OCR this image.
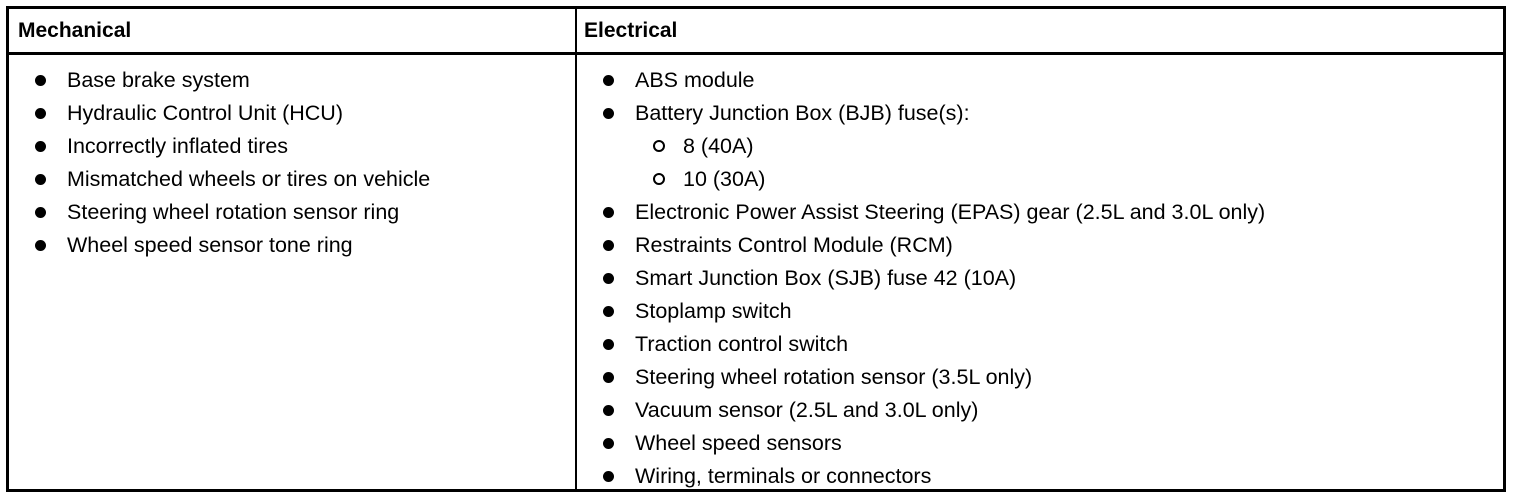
Mechanical	Electrical
Base brake system
Hydraulic Control Unit (HCU)
Incorrectly inflated tires
Mismatched wheels or tires on vehicle
Steering wheel rotation sensor ring
Wheel speed sensor tone ring
ABS module
Battery Junction Box (BJB) fuse(s):
8 (40A)
10 (30A)
Electronic Power Assist Steering (EPAS) gear (2.5L and 3.0L only)
Restraints Control Module (RCM)
Smart Junction Box (SJB) fuse 42 (10A)
Stoplamp switch
Traction control switch
Steering wheel rotation sensor (3.5L only)
Vacuum sensor (2.5L and 3.0L only)
Wheel speed sensors
Wiring, terminals or connectors
